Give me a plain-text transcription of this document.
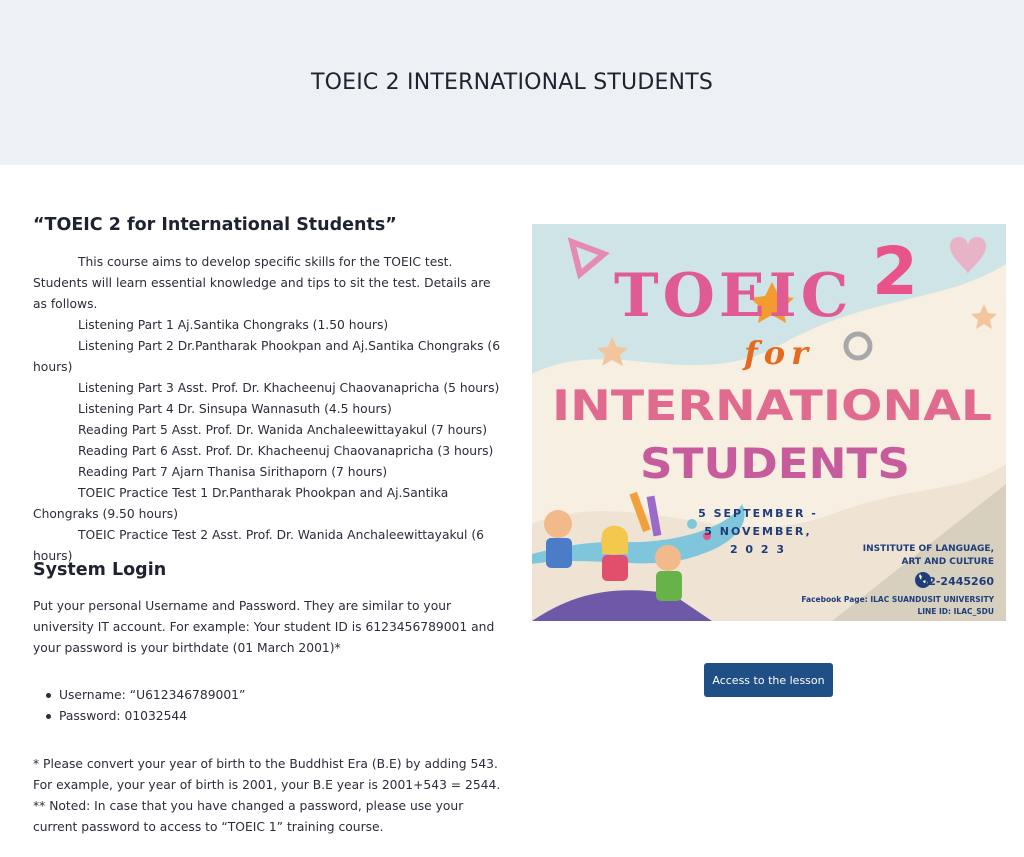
TOEIC 2 INTERNATIONAL STUDENTS
“TOEIC 2 for International Students”

This course aims to develop specific skills for the TOEIC test. Students will learn essential knowledge and tips to sit the test. Details are as follows.

Listening Part 1 Aj.Santika Chongraks (1.50 hours)

Listening Part 2 Dr.Pantharak Phookpan and Aj.Santika Chongraks (6 hours)

Listening Part 3 Asst. Prof. Dr. Khacheenuj Chaovanapricha (5 hours)

Listening Part 4 Dr. Sinsupa Wannasuth (4.5 hours)

Reading Part 5 Asst. Prof. Dr. Wanida Anchaleewittayakul (7 hours)

Reading Part 6 Asst. Prof. Dr. Khacheenuj Chaovanapricha (3 hours)

Reading Part 7 Ajarn Thanisa Sirithaporn (7 hours)

TOEIC Practice Test 1 Dr.Pantharak Phookpan and Aj.Santika Chongraks (9.50 hours)

TOEIC Practice Test 2 Asst. Prof. Dr. Wanida Anchaleewittayakul (6 hours)

System Login

Put your personal Username and Password. They are similar to your university IT account. For example: Your student ID is 6123456789001 and your password is your birthdate (01 March 2001)*

Username: “U612346789001”
Password: 01032544

* Please convert your year of birth to the Buddhist Era (B.E) by adding 543. For example, your year of birth is 2001, your B.E year is 2001+543 = 2544. ** Noted: In case that you have changed a password, please use your current password to access to “TOEIC 1” training course.

TOEIC 2
for
INTERNATIONAL
STUDENTS
5 SEPTEMBER -
5 NOVEMBER,
2 0 2 3	INSTITUTE OF LANGUAGE,
ART AND CULTURE
02-2445260
Facebook Page: ILAC SUANDUSIT UNIVERSITY
LINE ID: ILAC_SDU
Access to the lesson
